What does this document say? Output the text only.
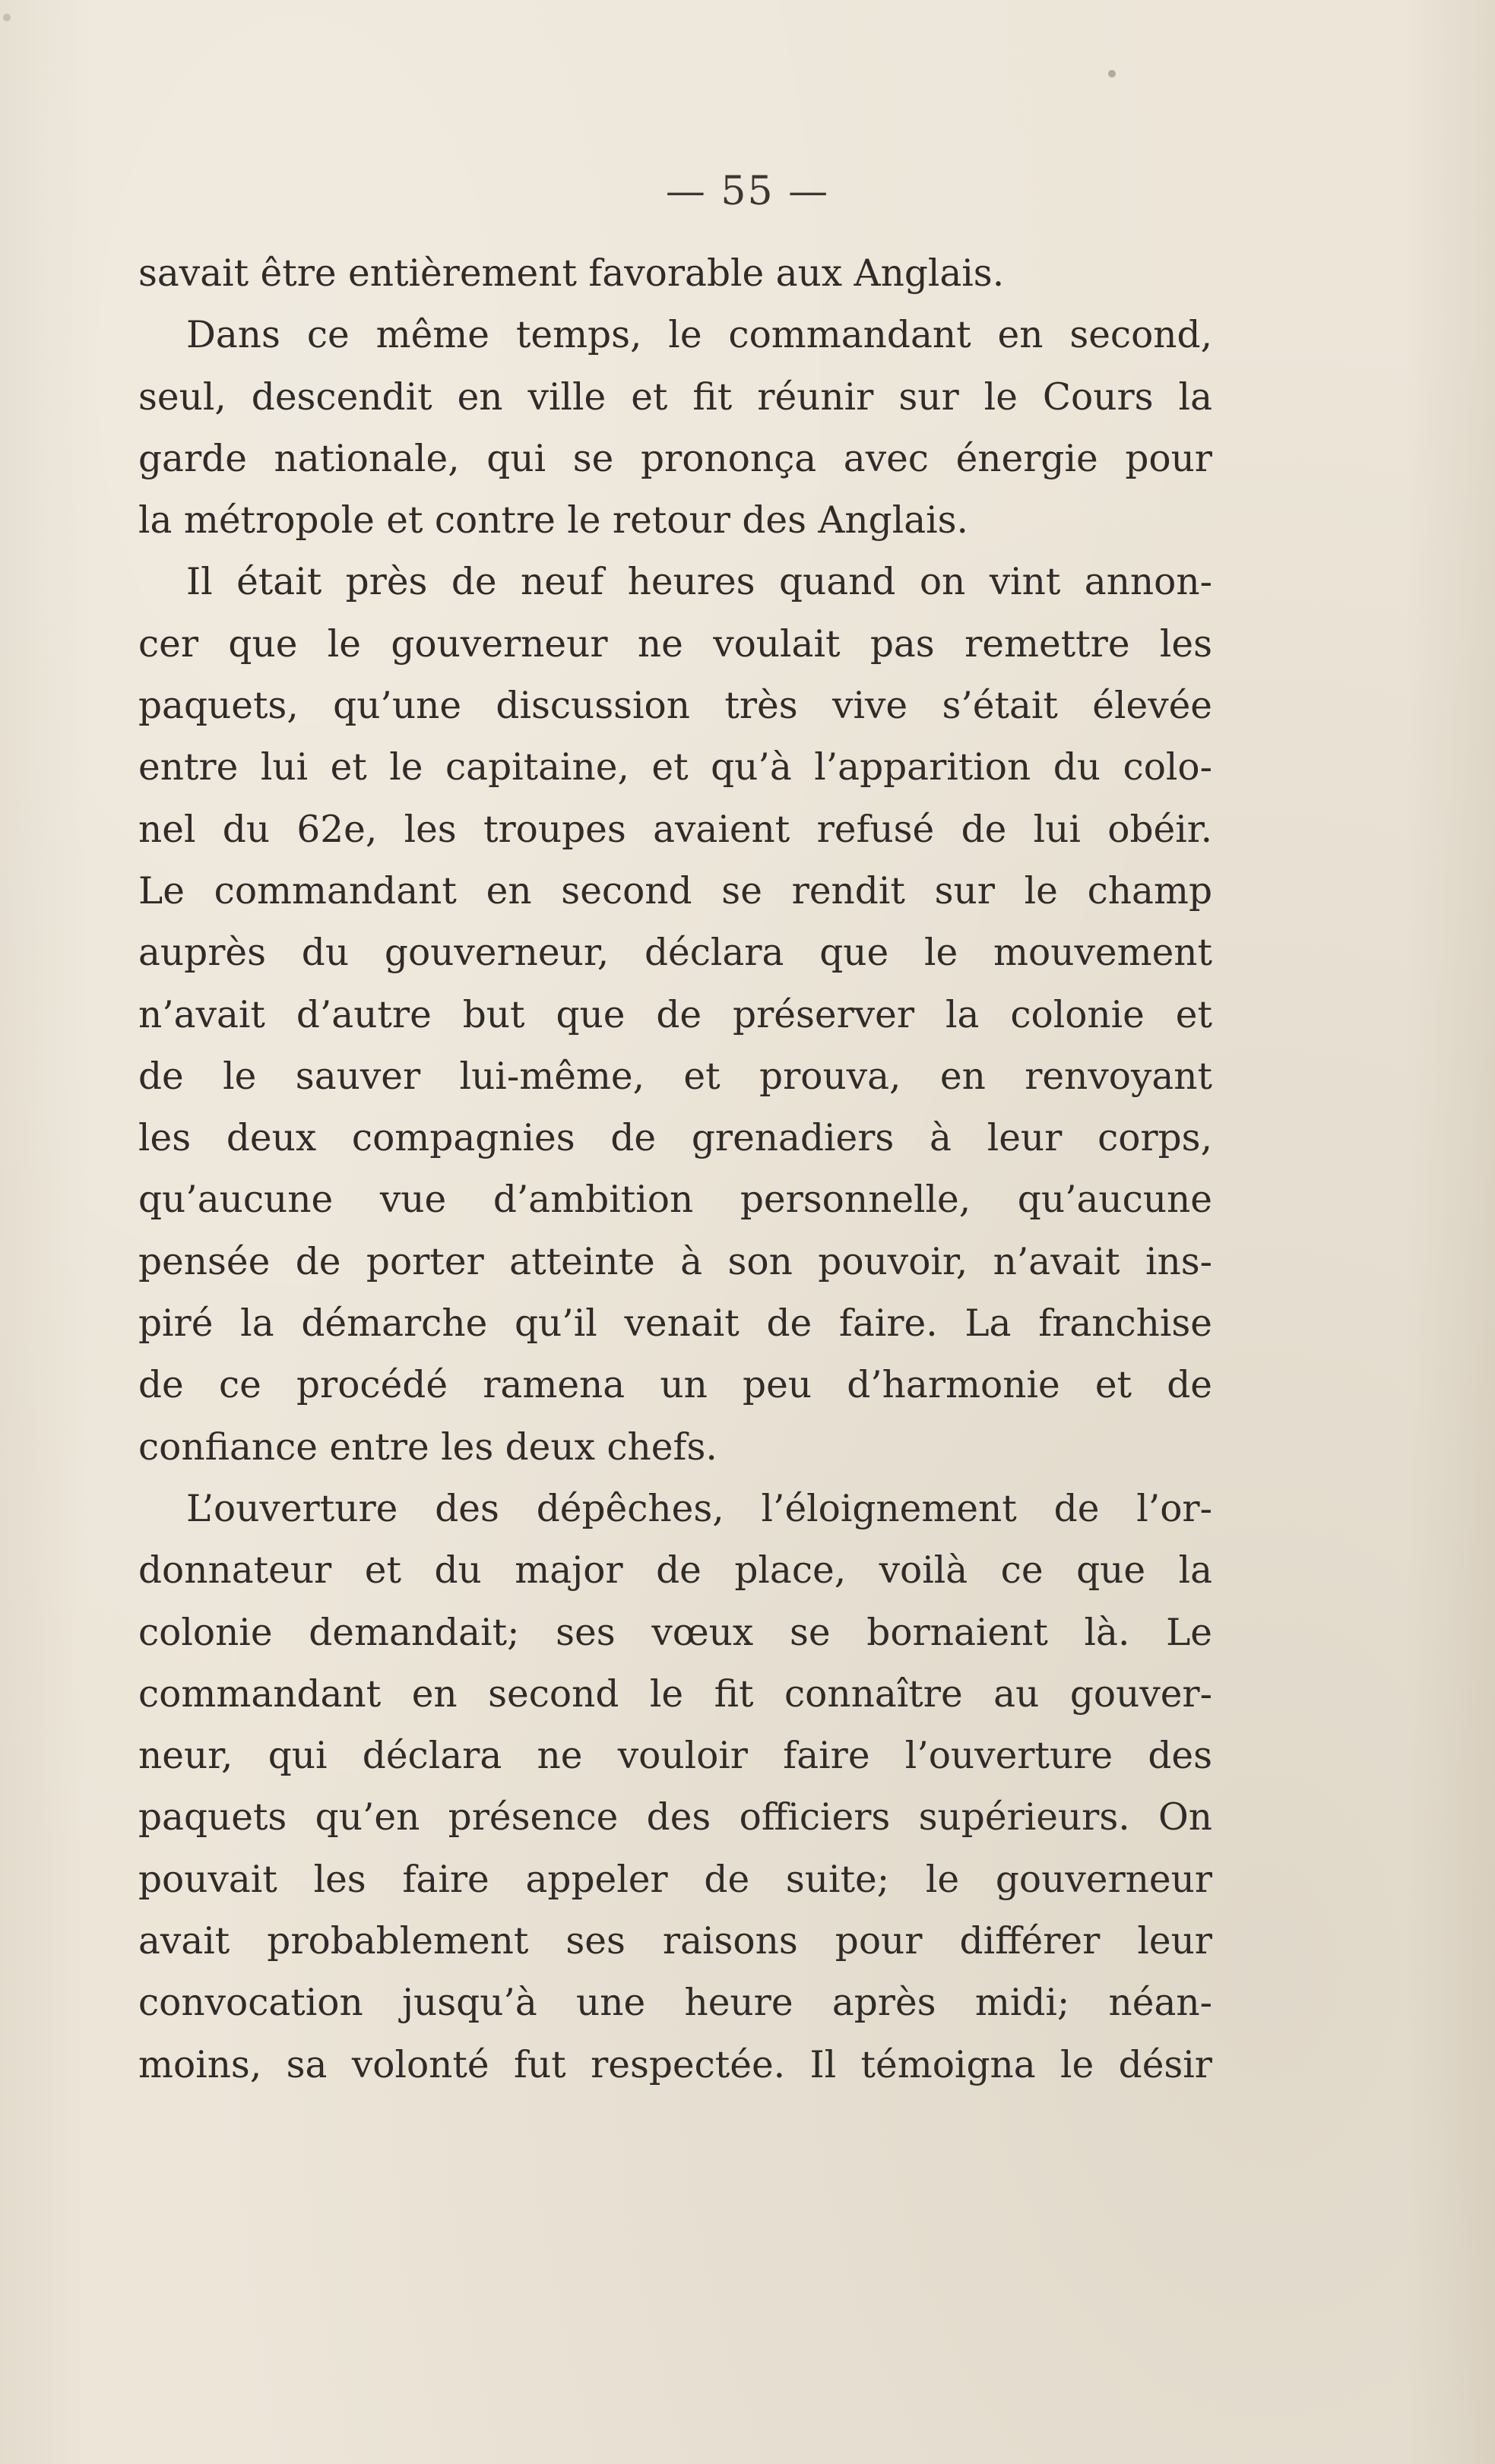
— 55 —
savait être entièrement favorable aux Anglais.
Dans ce même temps, le commandant en second,
seul, descendit en ville et fit réunir sur le Cours la
garde nationale, qui se prononça avec énergie pour
la métropole et contre le retour des Anglais.
Il était près de neuf heures quand on vint annon-
cer que le gouverneur ne voulait pas remettre les
paquets, qu’une discussion très vive s’était élevée
entre lui et le capitaine, et qu’à l’apparition du colo-
nel du 62e, les troupes avaient refusé de lui obéir.
Le commandant en second se rendit sur le champ
auprès du gouverneur, déclara que le mouvement
n’avait d’autre but que de préserver la colonie et
de le sauver lui-même, et prouva, en renvoyant
les deux compagnies de grenadiers à leur corps,
qu’aucune vue d’ambition personnelle, qu’aucune
pensée de porter atteinte à son pouvoir, n’avait ins-
piré la démarche qu’il venait de faire. La franchise
de ce procédé ramena un peu d’harmonie et de
confiance entre les deux chefs.
L’ouverture des dépêches, l’éloignement de l’or-
donnateur et du major de place, voilà ce que la
colonie demandait; ses vœux se bornaient là. Le
commandant en second le fit connaître au gouver-
neur, qui déclara ne vouloir faire l’ouverture des
paquets qu’en présence des officiers supérieurs. On
pouvait les faire appeler de suite; le gouverneur
avait probablement ses raisons pour différer leur
convocation jusqu’à une heure après midi; néan-
moins, sa volonté fut respectée. Il témoigna le désir
